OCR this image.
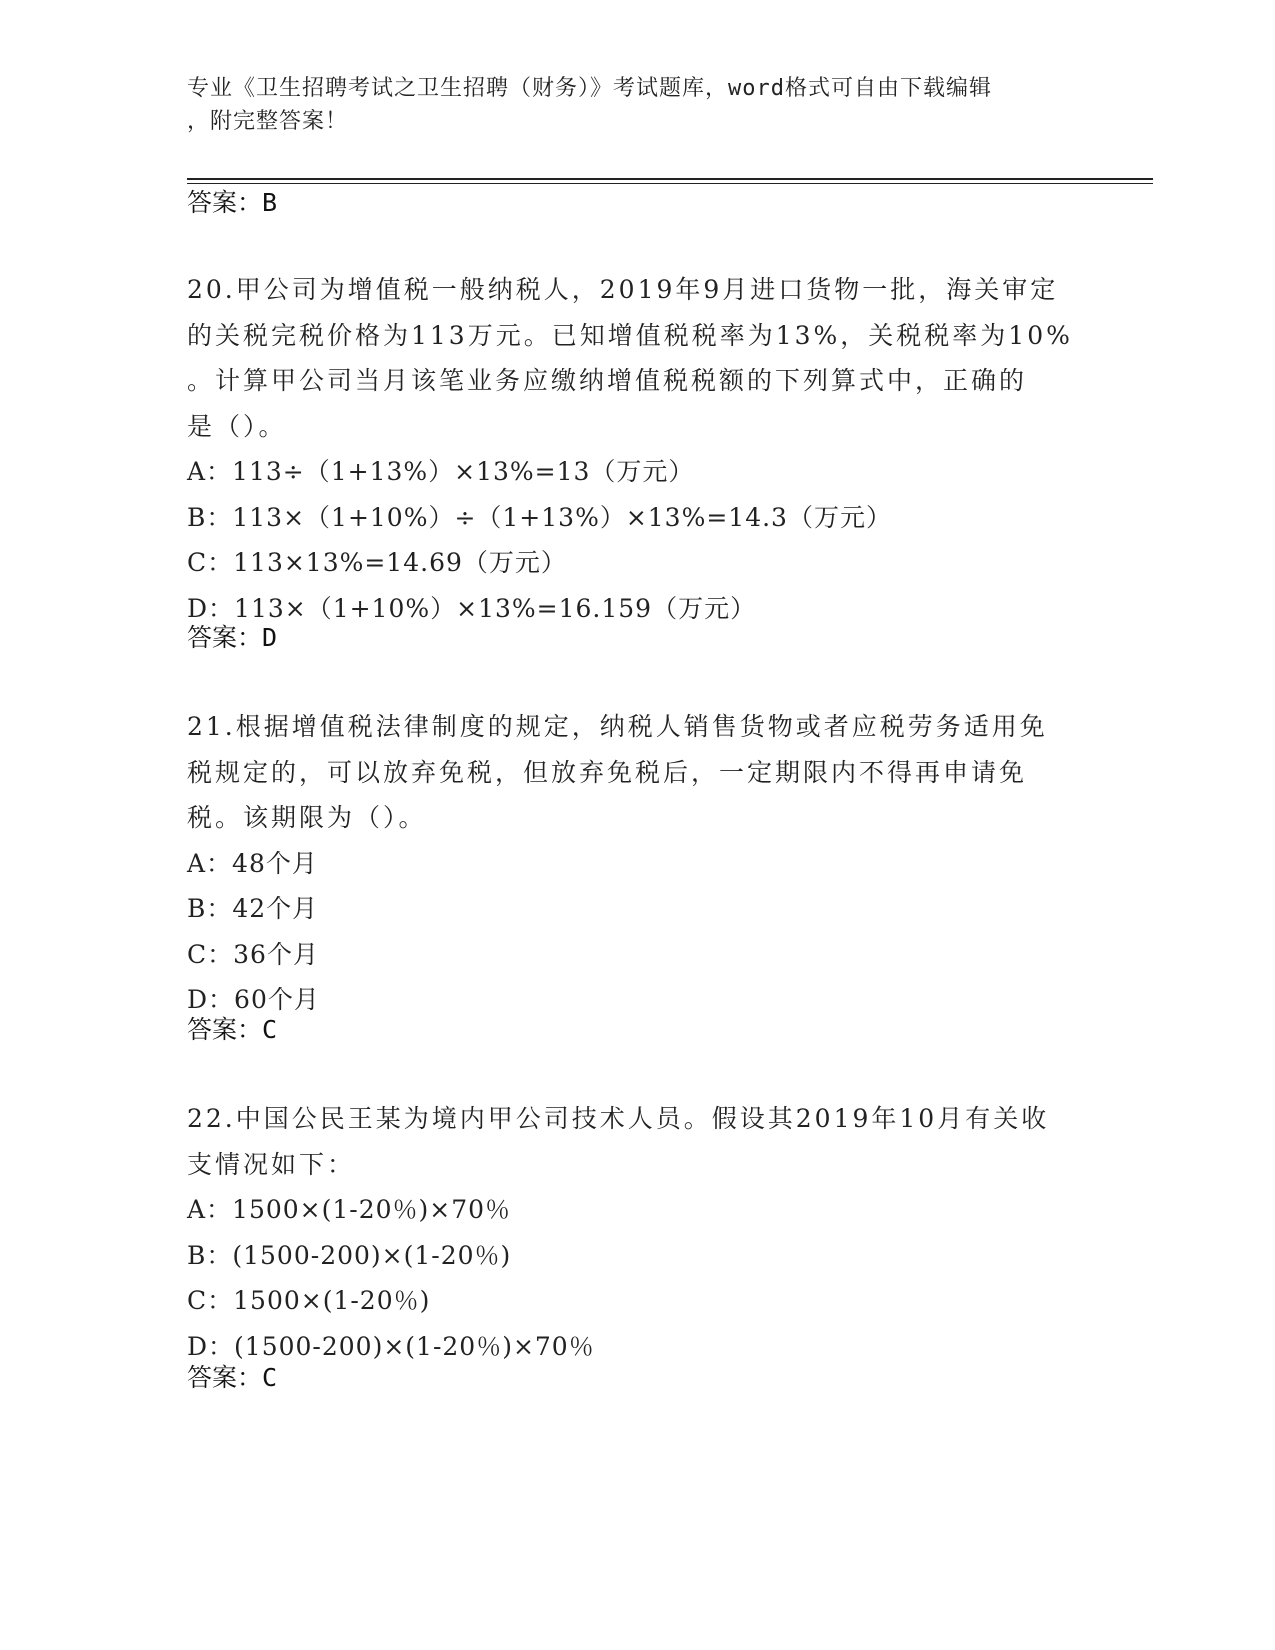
专业《卫生招聘考试之卫生招聘（财务）》考试题库，word格式可自由下载编辑
，附完整答案！
答案：B
20.甲公司为增值税一般纳税人，2019年9月进口货物一批，海关审定
的关税完税价格为113万元。已知增值税税率为13%，关税税率为10%
。计算甲公司当月该笔业务应缴纳增值税税额的下列算式中，正确的
是（）。
A：113÷（1+13%）×13%=13（万元）
B：113×（1+10%）÷（1+13%）×13%=14.3（万元）
C：113×13%=14.69（万元）
D：113×（1+10%）×13%=16.159（万元）
答案：D
21.根据增值税法律制度的规定，纳税人销售货物或者应税劳务适用免
税规定的，可以放弃免税，但放弃免税后，一定期限内不得再申请免
税。该期限为（）。
A：48个月
B：42个月
C：36个月
D：60个月
答案：C
22.中国公民王某为境内甲公司技术人员。假设其2019年10月有关收
支情况如下：
A：1500×(1-20％)×70％
B：(1500-200)×(1-20％)
C：1500×(1-20％)
D：(1500-200)×(1-20％)×70％
答案：C
